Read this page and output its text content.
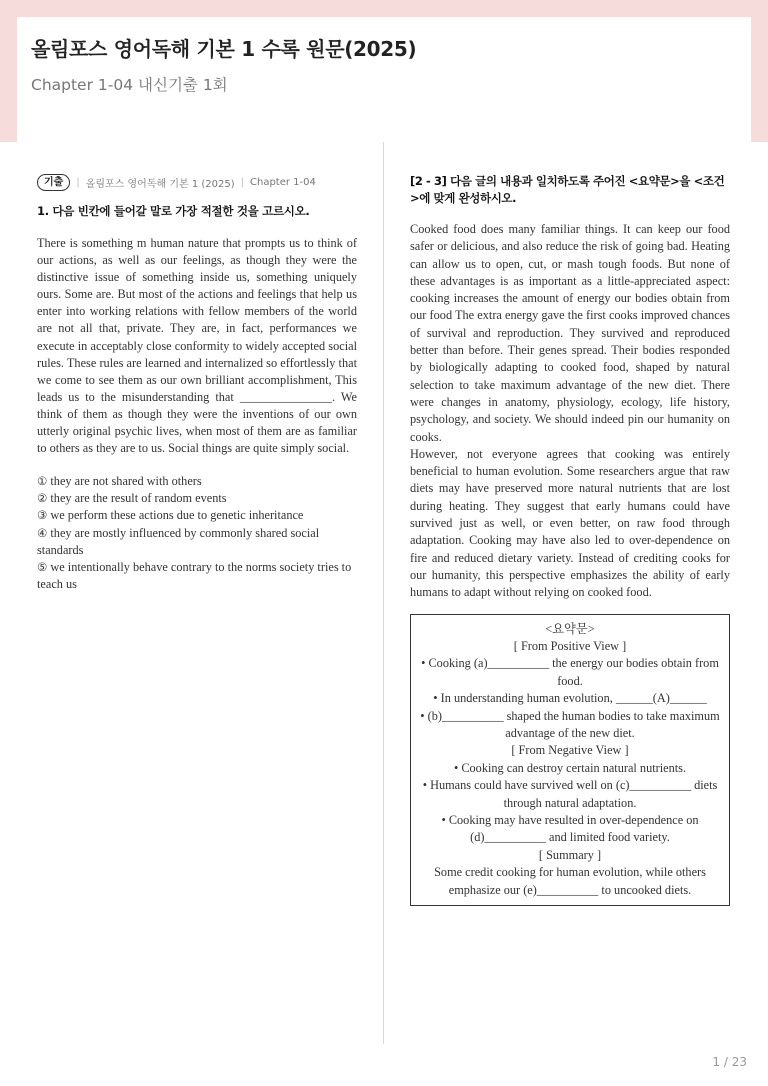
올림포스 영어독해 기본 1 수록 원문(2025)
Chapter 1-04 내신기출 1회
기출	| 올림포스 영어독해 기본 1 (2025) | Chapter 1-04
1. 다음 빈칸에 들어갈 말로 가장 적절한 것을 고르시오.
There is something m human nature that prompts us to think of our actions, as well as our feelings, as though they were the distinctive issue of something inside us, something uniquely ours. Some are. But most of the actions and feelings that help us enter into working relations with fellow members of the world are not all that, private. They are, in fact, performances we execute in acceptably close conformity to widely accepted social rules. These rules are learned and internalized so effortlessly that we come to see them as our own brilliant accomplishment, This leads us to the misunderstanding that _______________. We think of them as though they were the inventions of our own utterly original psychic lives, when most of them are as familiar to others as they are to us. Social things are quite simply social.
① they are not shared with others
② they are the result of random events
③ we perform these actions due to genetic inheritance
④ they are mostly influenced by commonly shared social standards
⑤ we intentionally behave contrary to the norms society tries to teach us
[2 - 3] 다음 글의 내용과 일치하도록 주어진 <요약문>을 <조건>에 맞게 완성하시오.

Cooked food does many familiar things. It can keep our food safer or delicious, and also reduce the risk of going bad. Heating can allow us to open, cut, or mash tough foods. But none of these advantages is as important as a little-appreciated aspect: cooking increases the amount of energy our bodies obtain from our food The extra energy gave the first cooks improved chances of survival and reproduction. They survived and reproduced better than before. Their genes spread. Their bodies responded by biologically adapting to cooked food, shaped by natural selection to take maximum advantage of the new diet. There were changes in anatomy, physiology, ecology, life history, psychology, and society. We should indeed pin our humanity on cooks.

However, not everyone agrees that cooking was entirely beneficial to human evolution. Some researchers argue that raw diets may have preserved more natural nutrients that are lost during heating. They suggest that early humans could have survived just as well, or even better, on raw food through adaptation. Cooking may have also led to over-dependence on fire and reduced dietary variety. Instead of crediting cooks for our humanity, this perspective emphasizes the ability of early humans to adapt without relying on cooked food.

<요약문>
[ From Positive View ]
• Cooking (a)__________ the energy our bodies obtain from food.
• In understanding human evolution, ______(A)______
• (b)__________ shaped the human bodies to take maximum advantage of the new diet.
[ From Negative View ]
• Cooking can destroy certain natural nutrients.
• Humans could have survived well on (c)__________ diets through natural adaptation.
• Cooking may have resulted in over-dependence on (d)__________ and limited food variety.
[ Summary ]
Some credit cooking for human evolution, while others emphasize our (e)__________ to uncooked diets.
1 / 23
